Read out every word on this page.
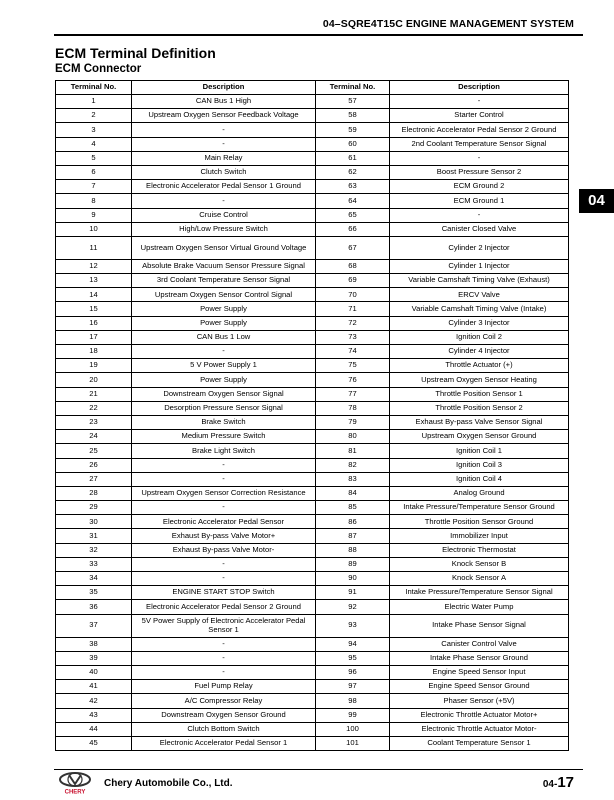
04–SQRE4T15C ENGINE MANAGEMENT SYSTEM
ECM Terminal Definition
ECM Connector
04
Terminal No.	Description	Terminal No.	Description
1	CAN Bus 1 High	57	-
2	Upstream Oxygen Sensor Feedback Voltage	58	Starter Control
3	-	59	Electronic Accelerator Pedal Sensor 2 Ground
4	-	60	2nd Coolant Temperature Sensor Signal
5	Main Relay	61	-
6	Clutch Switch	62	Boost Pressure Sensor 2
7	Electronic Accelerator Pedal Sensor 1 Ground	63	ECM Ground 2
8	-	64	ECM Ground 1
9	Cruise Control	65	-
10	High/Low Pressure Switch	66	Canister Closed Valve
11	Upstream Oxygen Sensor Virtual Ground Voltage	67	Cylinder 2 Injector
12	Absolute Brake Vacuum Sensor Pressure Signal	68	Cylinder 1 Injector
13	3rd Coolant Temperature Sensor Signal	69	Variable Camshaft Timing Valve (Exhaust)
14	Upstream Oxygen Sensor Control Signal	70	ERCV Valve
15	Power Supply	71	Variable Camshaft Timing Valve (Intake)
16	Power Supply	72	Cylinder 3 Injector
17	CAN Bus 1 Low	73	Ignition Coil 2
18	-	74	Cylinder 4 Injector
19	5 V Power Supply 1	75	Throttle Actuator (+)
20	Power Supply	76	Upstream Oxygen Sensor Heating
21	Downstream Oxygen Sensor Signal	77	Throttle Position Sensor 1
22	Desorption Pressure Sensor Signal	78	Throttle Position Sensor 2
23	Brake Switch	79	Exhaust By-pass Valve Sensor Signal
24	Medium Pressure Switch	80	Upstream Oxygen Sensor Ground
25	Brake Light Switch	81	Ignition Coil 1
26	-	82	Ignition Coil 3
27	-	83	Ignition Coil 4
28	Upstream Oxygen Sensor Correction Resistance	84	Analog Ground
29	-	85	Intake Pressure/Temperature Sensor Ground
30	Electronic Accelerator Pedal Sensor	86	Throttle Position Sensor Ground
31	Exhaust By-pass Valve Motor+	87	Immobilizer Input
32	Exhaust By-pass Valve Motor-	88	Electronic Thermostat
33	-	89	Knock Sensor B
34	-	90	Knock Sensor A
35	ENGINE START STOP Switch	91	Intake Pressure/Temperature Sensor Signal
36	Electronic Accelerator Pedal Sensor 2 Ground	92	Electric Water Pump
37	5V Power Supply of Electronic Accelerator Pedal Sensor 1	93	Intake Phase Sensor Signal
38	-	94	Canister Control Valve
39	-	95	Intake Phase Sensor Ground
40	-	96	Engine Speed Sensor Input
41	Fuel Pump Relay	97	Engine Speed Sensor Ground
42	A/C Compressor Relay	98	Phaser Sensor (+5V)
43	Downstream Oxygen Sensor Ground	99	Electronic Throttle Actuator Motor+
44	Clutch Bottom Switch	100	Electronic Throttle Actuator Motor-
45	Electronic Accelerator Pedal Sensor 1	101	Coolant Temperature Sensor 1
CHERY
Chery Automobile Co., Ltd.	04-17
